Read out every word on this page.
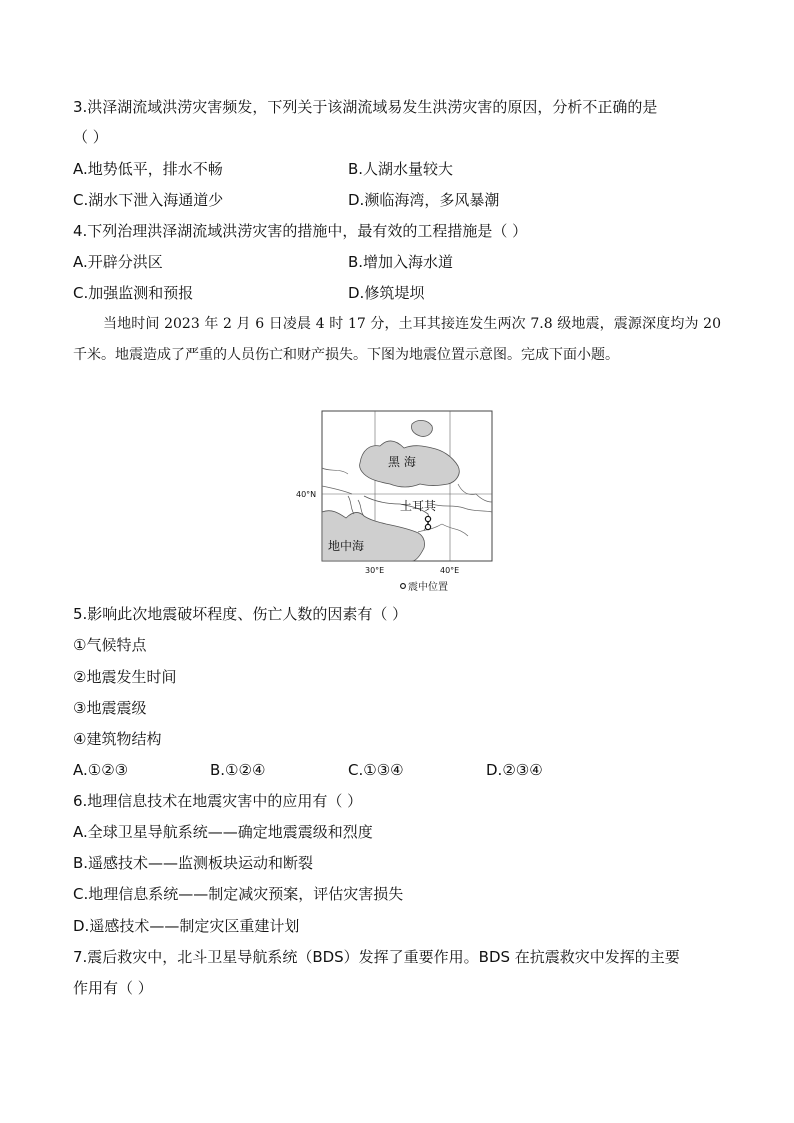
3.洪泽湖流域洪涝灾害频发，下列关于该湖流域易发生洪涝灾害的原因，分析不正确的是
（ ）
A.地势低平，排水不畅	B.人湖水量较大
C.湖水下泄入海通道少	D.濒临海湾，多风暴潮
4.下列治理洪泽湖流域洪涝灾害的措施中，最有效的工程措施是（ ）
A.开辟分洪区	B.增加入海水道
C.加强监测和预报	D.修筑堤坝
当地时间 2023 年 2 月 6 日凌晨 4 时 17 分，土耳其接连发生两次 7.8 级地震，震源深度均为 20 千米。地震造成了严重的人员伤亡和财产损失。下图为地震位置示意图。完成下面小题。
黑 海
土耳其
地中海
40°N
30°E	40°E
震中位置
5.影响此次地震破坏程度、伤亡人数的因素有（ ）
①气候特点
②地震发生时间
③地震震级
④建筑物结构
A.①②③	B.①②④	C.①③④	D.②③④
6.地理信息技术在地震灾害中的应用有（ ）
A.全球卫星导航系统——确定地震震级和烈度
B.遥感技术——监测板块运动和断裂
C.地理信息系统——制定减灾预案，评估灾害损失
D.遥感技术——制定灾区重建计划
7.震后救灾中，北斗卫星导航系统（BDS）发挥了重要作用。BDS 在抗震救灾中发挥的主要
作用有（ ）
